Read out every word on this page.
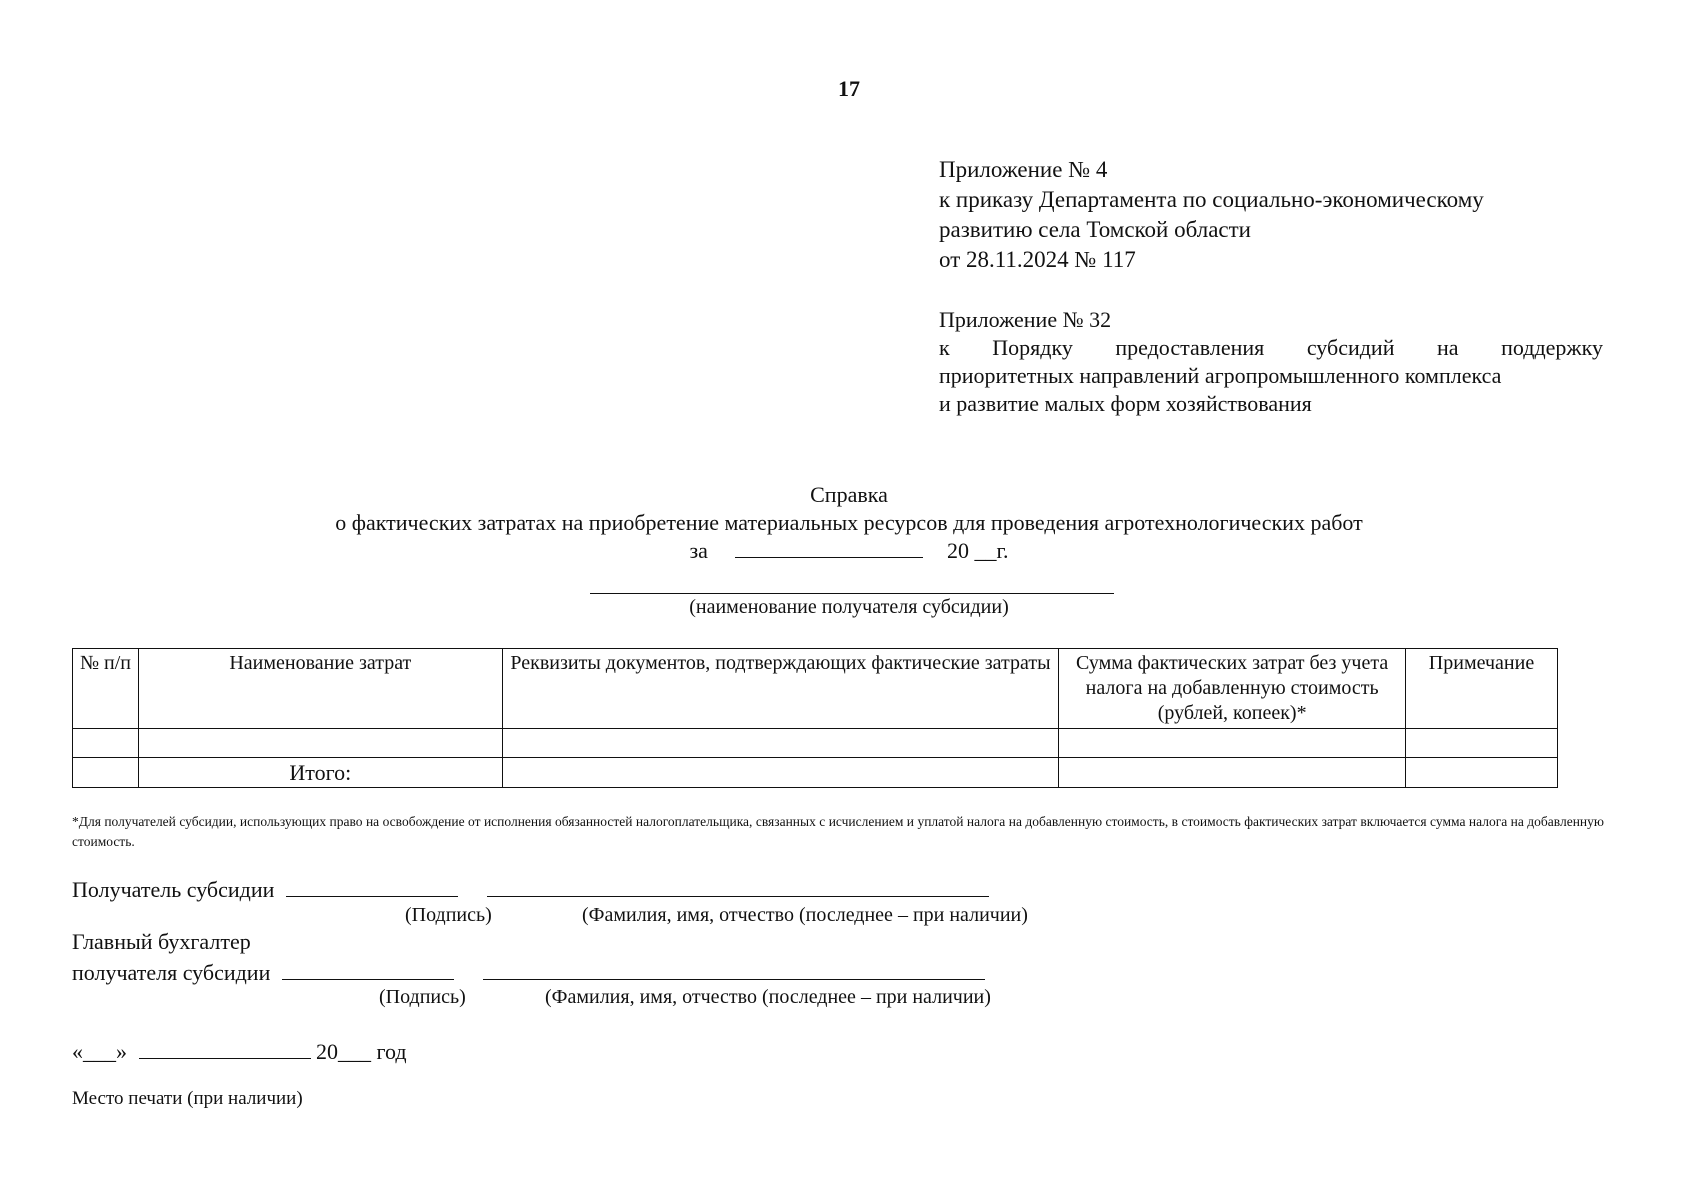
17
Приложение № 4
к приказу Департамента по социально-экономическому
развитию села Томской области
от 28.11.2024 № 117
Приложение № 32
к Порядку предоставления субсидий на поддержку
приоритетных направлений агропромышленного комплекса
и развитие малых форм хозяйствования
Справка
о фактических затратах на приобретение материальных ресурсов для проведения агротехнологических работ
за	20 __г.
(наименование получателя субсидии)
№ п/п	Наименование затрат	Реквизиты документов, подтверждающих фактические затраты	Сумма фактических затрат без учета налога на добавленную стоимость (рублей, копеек)*	Примечание

	Итого:			
*Для получателей субсидии, использующих право на освобождение от исполнения обязанностей налогоплательщика, связанных с исчислением и уплатой налога на добавленную стоимость, в стоимость фактических затрат включается сумма налога на добавленную стоимость.
Получатель субсидии
(Подпись)	(Фамилия, имя, отчество (последнее – при наличии)
Главный бухгалтер
получателя субсидии
(Подпись)	(Фамилия, имя, отчество (последнее – при наличии)
«___»	20___ год
Место печати (при наличии)
